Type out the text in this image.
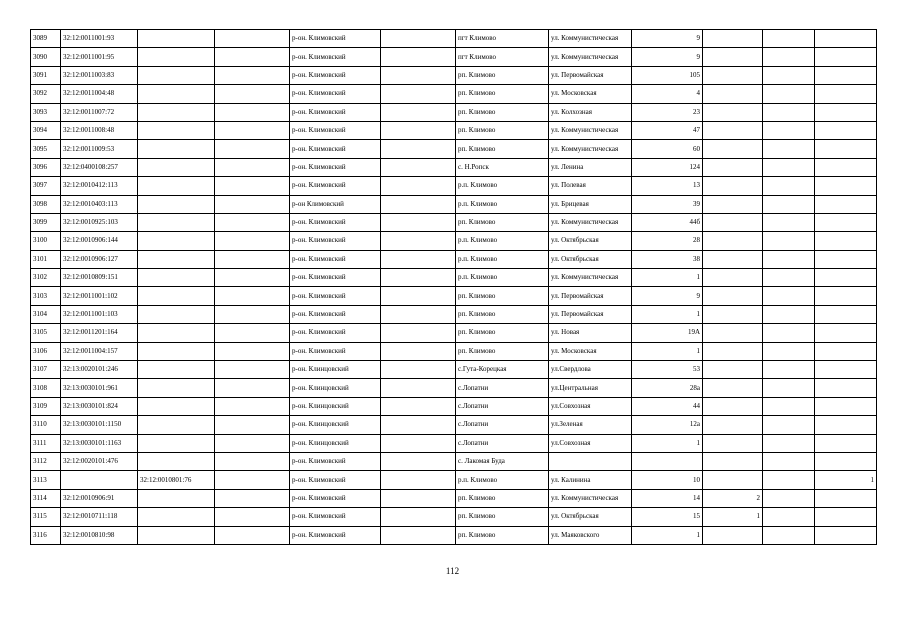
3089	32:12:0011001:93			р-он. Климовский		пгт Климово	ул. Коммунистическая	9			
3090	32:12:0011001:95			р-он. Климовский		пгт Климово	ул. Коммунистическая	9			
3091	32:12:0011003:83			р-он. Климовский		рп. Климово	ул. Первомайская	105			
3092	32:12:0011004:48			р-он. Климовский		рп. Климово	ул. Московская	4			
3093	32:12:0011007:72			р-он. Климовский		рп. Климово	ул. Колхозная	23			
3094	32:12:0011008:48			р-он. Климовский		рп. Климово	ул. Коммунистическая	47			
3095	32:12:0011009:53			р-он. Климовский		рп. Климово	ул. Коммунистическая	60			
3096	32:12:0400108:257			р-он. Климовский		с. Н.Ропск	ул. Ленина	124			
3097	32:12:0010412:113			р-он. Климовский		р.п. Климово	ул. Полевая	13			
3098	32:12:0010403:113			р-он Климовский		р.п. Климово	ул. Брицевая	39			
3099	32:12:0010925:103			р-он. Климовский		рп. Климово	ул. Коммунистическая	44б			
3100	32:12:0010906:144			р-он. Климовский		р.п. Климово	ул. Октябрьская	28			
3101	32:12:0010906:127			р-он. Климовский		р.п. Климово	ул. Октябрьская	38			
3102	32:12:0010809:151			р-он. Климовский		р.п. Климово	ул. Коммунистическая	1			
3103	32:12:0011001:102			р-он. Климовский		рп. Климово	ул. Первомайская	9			
3104	32:12:0011001:103			р-он. Климовский		рп. Климово	ул. Первомайская	1			
3105	32:12:0011201:164			р-он. Климовский		рп. Климово	ул. Новая	19А			
3106	32:12:0011004:157			р-он. Климовский		рп. Климово	ул. Московская	1			
3107	32:13:0020101:246			р-он. Клинцовский		с.Гута-Корецкая	ул.Свердлова	53			
3108	32:13:0030101:961			р-он. Клинцовский		с.Лопатни	ул.Центральная	28а			
3109	32:13:0030101:824			р-он. Клинцовский		с.Лопатни	ул.Совхозная	44			
3110	32:13:0030101:1150			р-он. Клинцовский		с.Лопатни	ул.Зеленая	12а			
3111	32:13:0030101:1163			р-он. Клинцовский		с.Лопатни	ул.Совхозная	1			
3112	32:12:0020101:476			р-он. Климовский		с. Лакомая Буда					
3113		32:12:0010801:76		р-он. Климовский		р.п. Климово	ул. Калинина	10			1
3114	32:12:0010906:91			р-он. Климовский		рп. Климово	ул. Коммунистическая	14	2		
3115	32:12:0010711:118			р-он. Климовский		рп. Климово	ул. Октябрьская	15	1		
3116	32:12:0010810:98			р-он. Климовский		рп. Климово	ул. Маяковского	1			
112
